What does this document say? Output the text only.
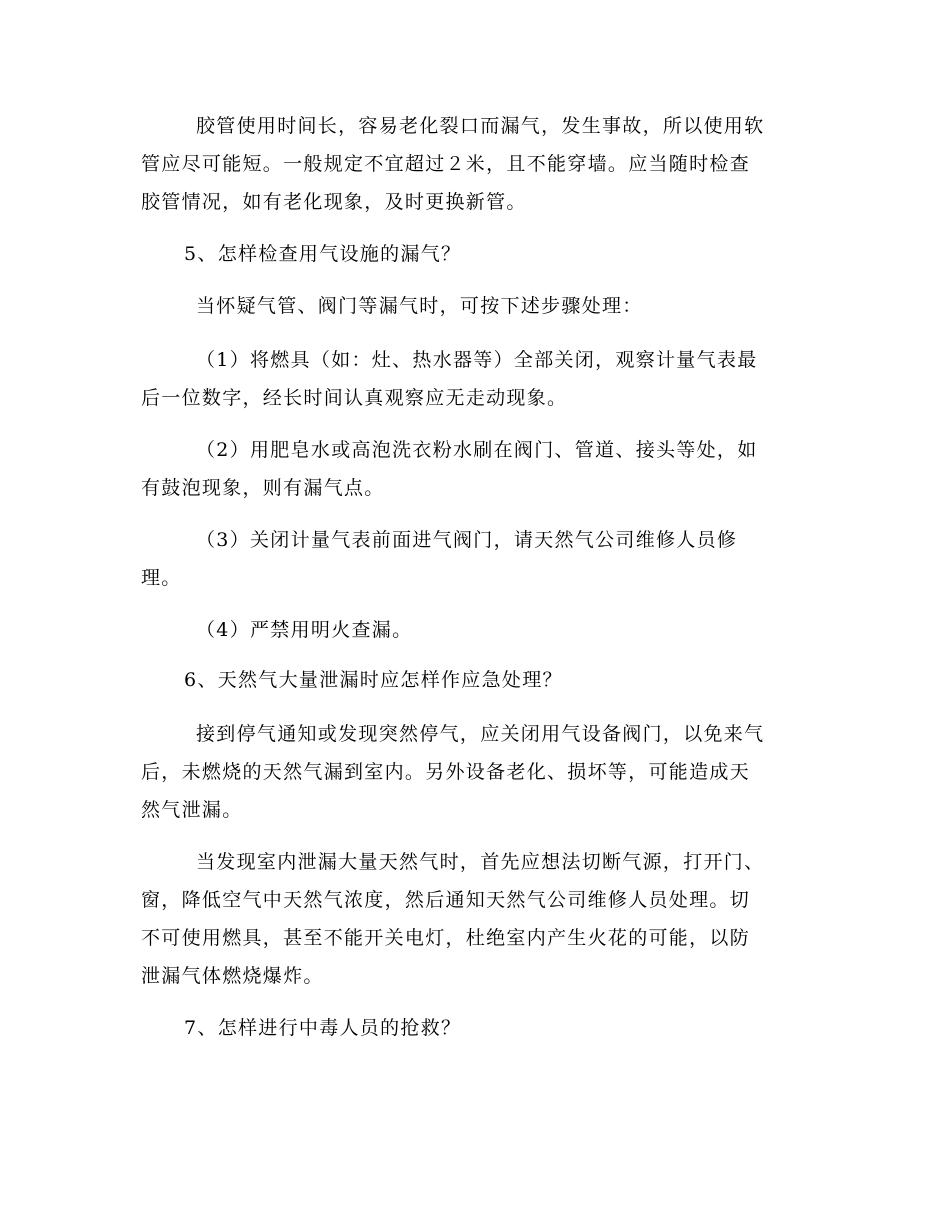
胶管使用时间长，容易老化裂口而漏气，发生事故，所以使用软
管应尽可能短。一般规定不宜超过２米，且不能穿墙。应当随时检查
胶管情况，如有老化现象，及时更换新管。
5、怎样检查用气设施的漏气？
当怀疑气管、阀门等漏气时，可按下述步骤处理：
（1）将燃具（如：灶、热水器等）全部关闭，观察计量气表最
后一位数字，经长时间认真观察应无走动现象。
（2）用肥皂水或高泡洗衣粉水刷在阀门、管道、接头等处，如
有鼓泡现象，则有漏气点。
（3）关闭计量气表前面进气阀门，请天然气公司维修人员修
理。
（4）严禁用明火查漏。
6、天然气大量泄漏时应怎样作应急处理？
接到停气通知或发现突然停气，应关闭用气设备阀门，以免来气
后，未燃烧的天然气漏到室内。另外设备老化、损坏等，可能造成天
然气泄漏。
当发现室内泄漏大量天然气时，首先应想法切断气源，打开门、
窗，降低空气中天然气浓度，然后通知天然气公司维修人员处理。切
不可使用燃具，甚至不能开关电灯，杜绝室内产生火花的可能，以防
泄漏气体燃烧爆炸。
7、怎样进行中毒人员的抢救？
